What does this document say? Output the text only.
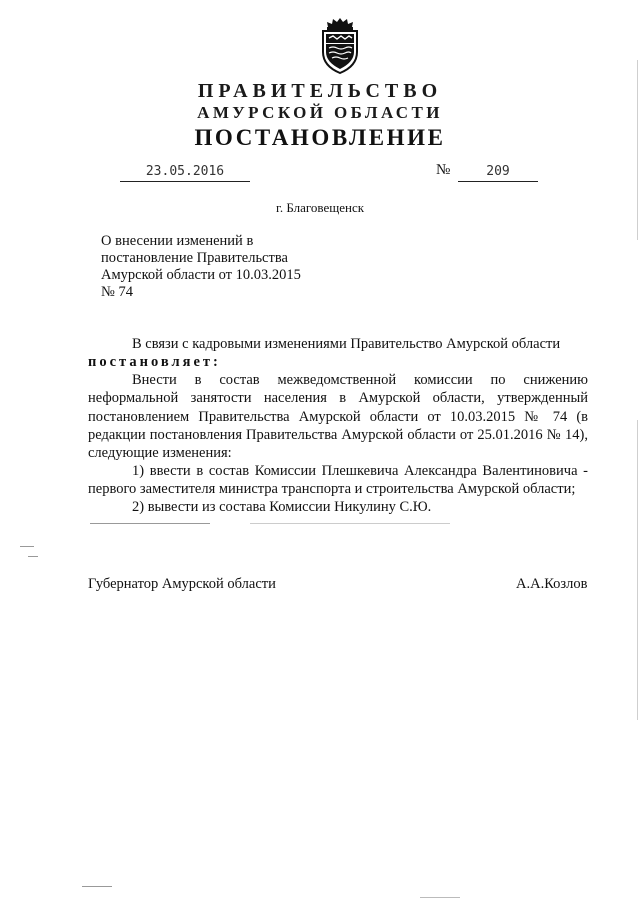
ПРАВИТЕЛЬСТВО
АМУРСКОЙ ОБЛАСТИ
ПОСТАНОВЛЕНИЕ
23.05.2016	№	209
г. Благовещенск
О внесении изменений в
постановление Правительства
Амурской области от 10.03.2015
№ 74
В связи с кадровыми изменениями Правительство Амурской области
постановляет:
Внести в состав межведомственной комиссии по снижению неформальной занятости населения в Амурской области, утвержденный постановлением Правительства Амурской области от 10.03.2015 № 74 (в редакции постановления Правительства Амурской области от 25.01.2016 № 14), следующие изменения:
1) ввести в состав Комиссии Плешкевича Александра Валентиновича - первого заместителя министра транспорта и строительства Амурской области;
2) вывести из состава Комиссии Никулину С.Ю.
Губернатор Амурской области	А.А.Козлов
